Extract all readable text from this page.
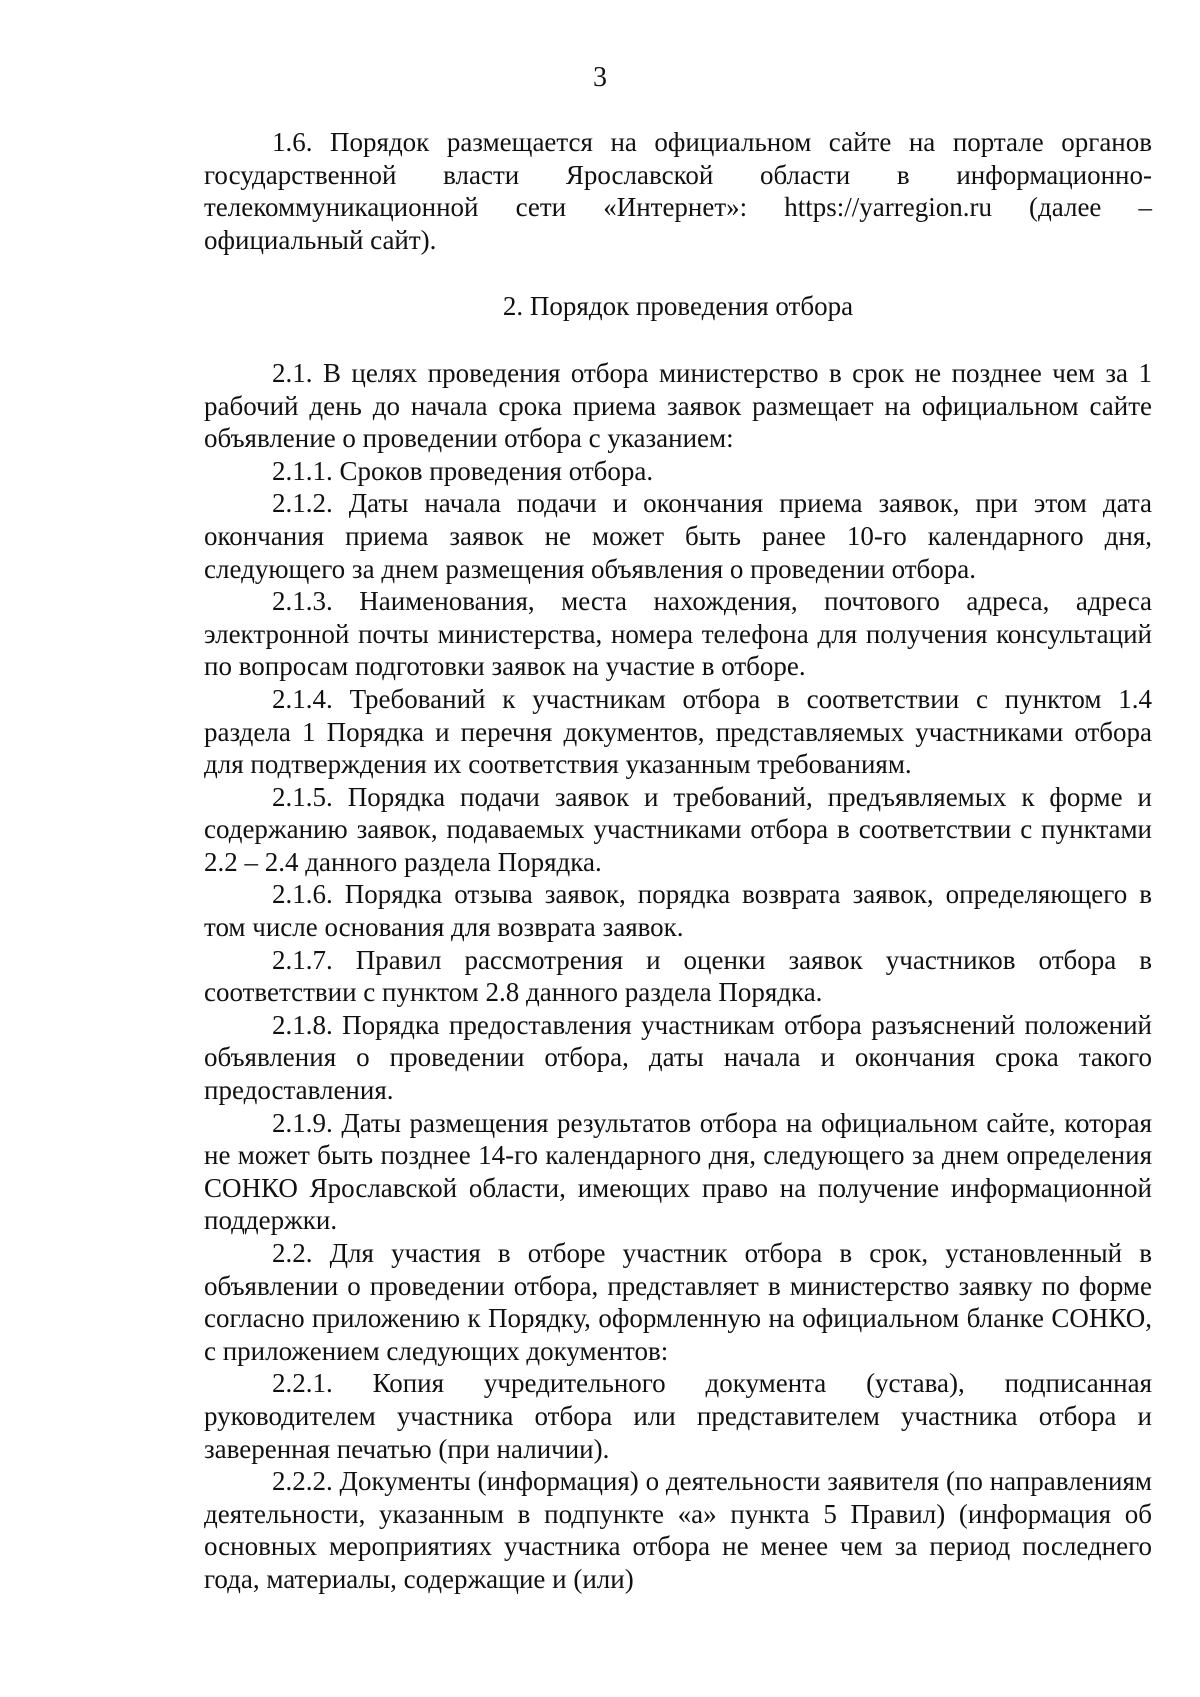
3

1.6. Порядок размещается на официальном сайте на портале органов государственной власти Ярославской области в информационно-телекоммуникационной сети «Интернет»: https://yarregion.ru (далее – официальный сайт).

2. Порядок проведения отбора

2.1. В целях проведения отбора министерство в срок не позднее чем за 1 рабочий день до начала срока приема заявок размещает на официальном сайте объявление о проведении отбора с указанием:

2.1.1. Сроков проведения отбора.

2.1.2. Даты начала подачи и окончания приема заявок, при этом дата окончания приема заявок не может быть ранее 10-го календарного дня, следующего за днем размещения объявления о проведении отбора.

2.1.3. Наименования, места нахождения, почтового адреса, адреса электронной почты министерства, номера телефона для получения консультаций по вопросам подготовки заявок на участие в отборе.

2.1.4. Требований к участникам отбора в соответствии с пунктом 1.4 раздела 1 Порядка и перечня документов, представляемых участниками отбора для подтверждения их соответствия указанным требованиям.

2.1.5. Порядка подачи заявок и требований, предъявляемых к форме и содержанию заявок, подаваемых участниками отбора в соответствии с пунктами 2.2 – 2.4 данного раздела Порядка.

2.1.6. Порядка отзыва заявок, порядка возврата заявок, определяющего в том числе основания для возврата заявок.

2.1.7. Правил рассмотрения и оценки заявок участников отбора в соответствии с пунктом 2.8 данного раздела Порядка.

2.1.8. Порядка предоставления участникам отбора разъяснений положений объявления о проведении отбора, даты начала и окончания срока такого предоставления.

2.1.9. Даты размещения результатов отбора на официальном сайте, которая не может быть позднее 14-го календарного дня, следующего за днем определения СОНКО Ярославской области, имеющих право на получение информационной поддержки.

2.2. Для участия в отборе участник отбора в срок, установленный в объявлении о проведении отбора, представляет в министерство заявку по форме согласно приложению к Порядку, оформленную на официальном бланке СОНКО, с приложением следующих документов:

2.2.1. Копия учредительного документа (устава), подписанная руководителем участника отбора или представителем участника отбора и заверенная печатью (при наличии).

2.2.2. Документы (информация) о деятельности заявителя (по направлениям деятельности, указанным в подпункте «а» пункта 5 Правил) (информация об основных мероприятиях участника отбора не менее чем за период последнего года, материалы, содержащие и (или)
